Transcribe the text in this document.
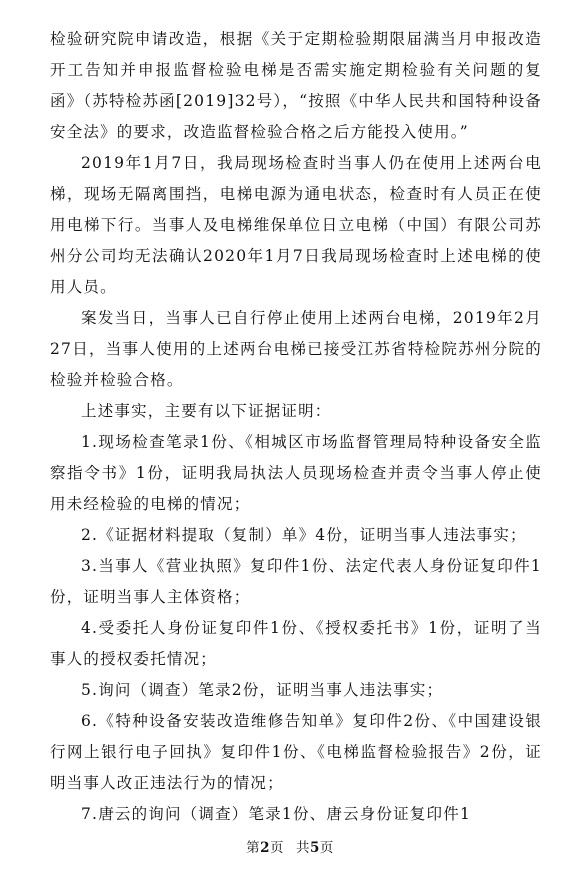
检验研究院申请改造，根据《关于定期检验期限届满当月申报改造开工告知并申报监督检验电梯是否需实施定期检验有关问题的复函》（苏特检苏函[2019]32号），“按照《中华人民共和国特种设备安全法》的要求，改造监督检验合格之后方能投入使用。”

2019年1月7日，我局现场检查时当事人仍在使用上述两台电梯，现场无隔离围挡，电梯电源为通电状态，检查时有人员正在使用电梯下行。当事人及电梯维保单位日立电梯（中国）有限公司苏州分公司均无法确认2020年1月7日我局现场检查时上述电梯的使用人员。

案发当日，当事人已自行停止使用上述两台电梯，2019年2月27日，当事人使用的上述两台电梯已接受江苏省特检院苏州分院的检验并检验合格。

上述事实，主要有以下证据证明：

1.现场检查笔录1份、《相城区市场监督管理局特种设备安全监察指令书》1份，证明我局执法人员现场检查并责令当事人停止使用未经检验的电梯的情况；

2.《证据材料提取（复制）单》4份，证明当事人违法事实；

3.当事人《营业执照》复印件1份、法定代表人身份证复印件1份，证明当事人主体资格；

4.受委托人身份证复印件1份、《授权委托书》1份，证明了当事人的授权委托情况；

5.询问（调查）笔录2份，证明当事人违法事实；

6.《特种设备安装改造维修告知单》复印件2份、《中国建设银行网上银行电子回执》复印件1份、《电梯监督检验报告》2份，证明当事人改正违法行为的情况；

7.唐云的询问（调查）笔录1份、唐云身份证复印件1

第2页 共5页
